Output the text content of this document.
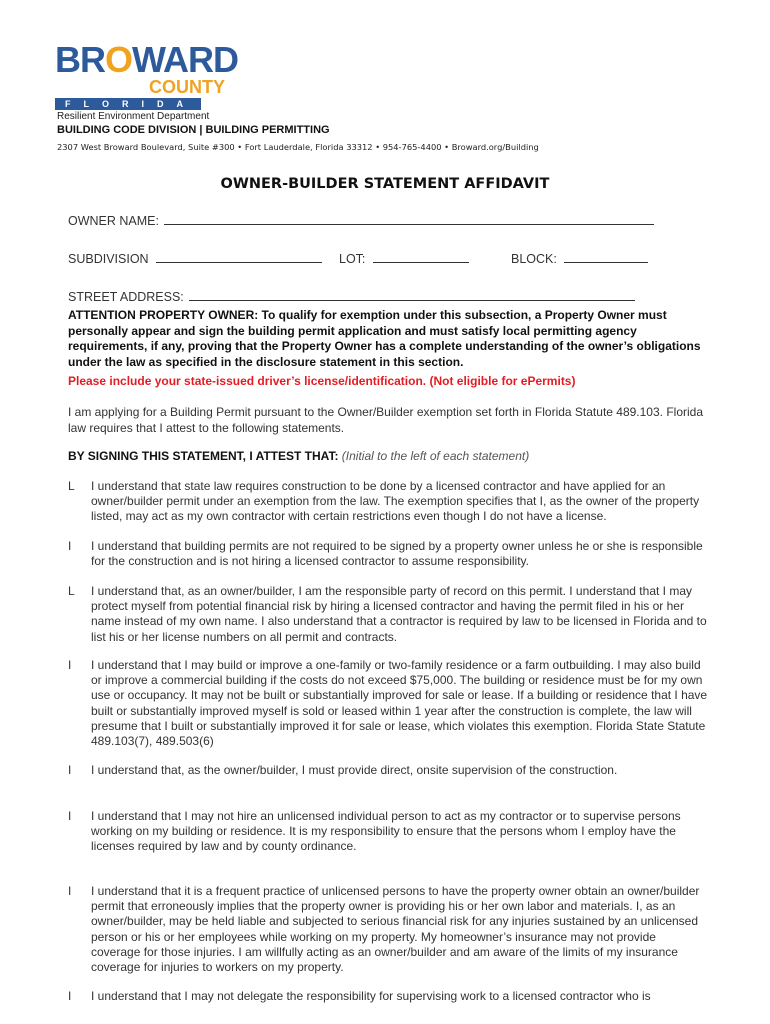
BROWARD
COUNTY
FLORIDA
Resilient Environment Department
BUILDING CODE DIVISION | BUILDING PERMITTING
2307 West Broward Boulevard, Suite #300 • Fort Lauderdale, Florida 33312 • 954-765-4400 • Broward.org/Building
OWNER-BUILDER STATEMENT AFFIDAVIT
OWNER NAME:
SUBDIVISION	LOT:	BLOCK:
STREET ADDRESS:
ATTENTION PROPERTY OWNER: To qualify for exemption under this subsection, a Property Owner must personally appear and sign the building permit application and must satisfy local permitting agency requirements, if any, proving that the Property Owner has a complete understanding of the owner’s obligations under the law as specified in the disclosure statement in this section.
Please include your state-issued driver’s license/identification. (Not eligible for ePermits)
I am applying for a Building Permit pursuant to the Owner/Builder exemption set forth in Florida Statute 489.103. Florida law requires that I attest to the following statements.
BY SIGNING THIS STATEMENT, I ATTEST THAT: (Initial to the left of each statement)
L	I understand that state law requires construction to be done by a licensed contractor and have applied for an owner/builder permit under an exemption from the law. The exemption specifies that I, as the owner of the property listed, may act as my own contractor with certain restrictions even though I do not have a license.
I	I understand that building permits are not required to be signed by a property owner unless he or she is responsible for the construction and is not hiring a licensed contractor to assume responsibility.
L	I understand that, as an owner/builder, I am the responsible party of record on this permit. I understand that I may protect myself from potential financial risk by hiring a licensed contractor and having the permit filed in his or her name instead of my own name. I also understand that a contractor is required by law to be licensed in Florida and to list his or her license numbers on all permit and contracts.
I	I understand that I may build or improve a one-family or two-family residence or a farm outbuilding. I may also build or improve a commercial building if the costs do not exceed $75,000. The building or residence must be for my own use or occupancy. It may not be built or substantially improved for sale or lease. If a building or residence that I have built or substantially improved myself is sold or leased within 1 year after the construction is complete, the law will presume that I built or substantially improved it for sale or lease, which violates this exemption. Florida State Statute 489.103(7), 489.503(6)
I	I understand that, as the owner/builder, I must provide direct, onsite supervision of the construction.
I	I understand that I may not hire an unlicensed individual person to act as my contractor or to supervise persons working on my building or residence. It is my responsibility to ensure that the persons whom I employ have the licenses required by law and by county ordinance.
I	I understand that it is a frequent practice of unlicensed persons to have the property owner obtain an owner/builder permit that erroneously implies that the property owner is providing his or her own labor and materials. I, as an owner/builder, may be held liable and subjected to serious financial risk for any injuries sustained by an unlicensed person or his or her employees while working on my property. My homeowner’s insurance may not provide coverage for those injuries. I am willfully acting as an owner/builder and am aware of the limits of my insurance coverage for injuries to workers on my property.
I	I understand that I may not delegate the responsibility for supervising work to a licensed contractor who is
